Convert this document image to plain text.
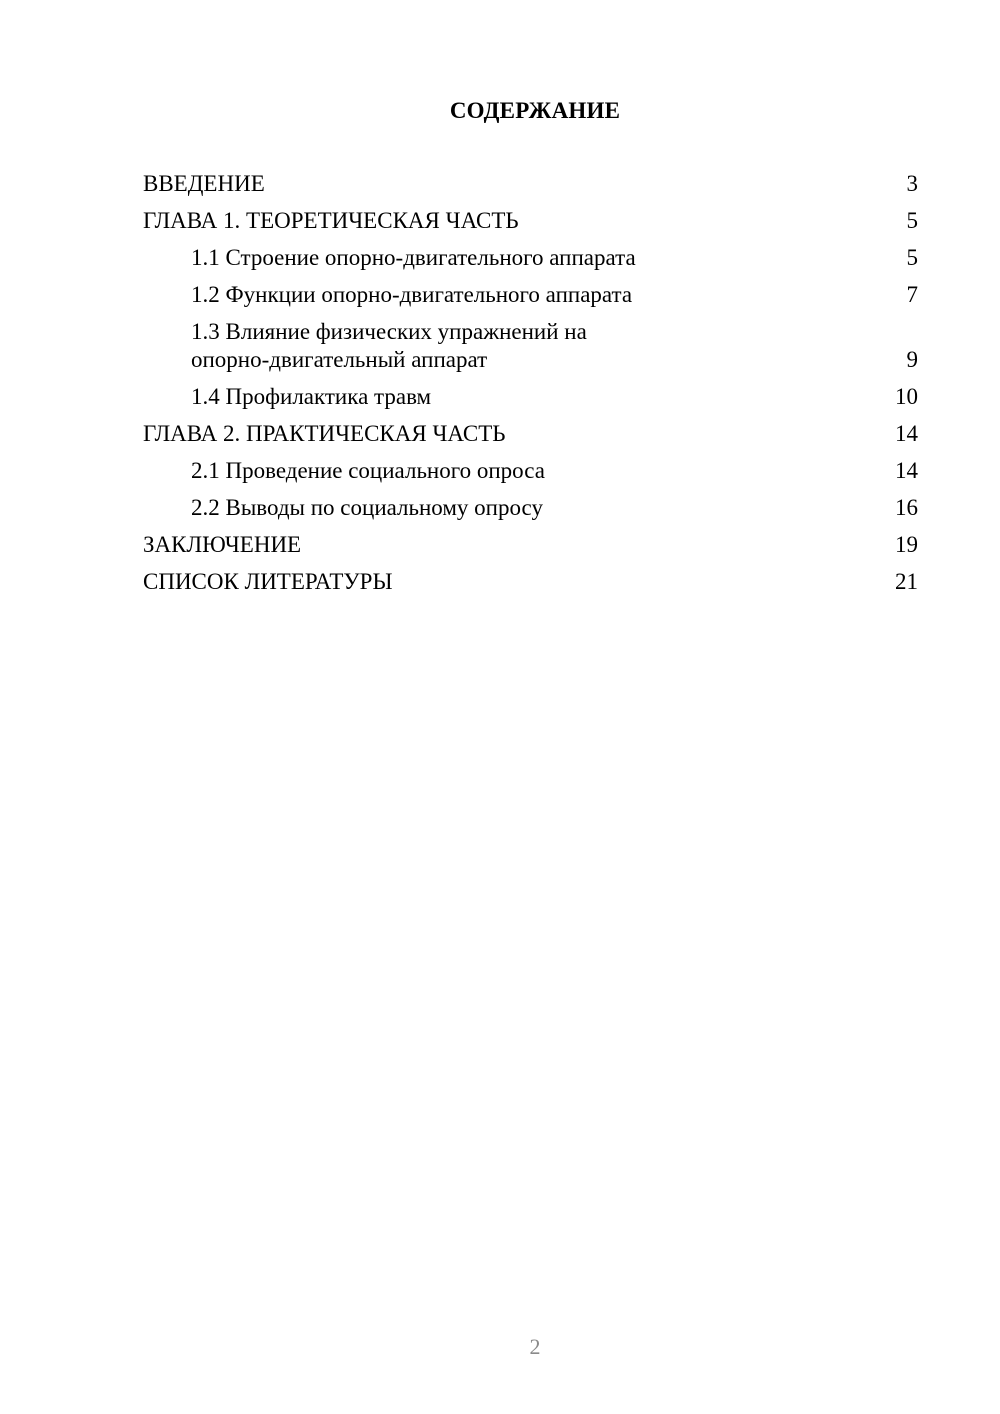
СОДЕРЖАНИЕ
ВВЕДЕНИЕ	3
ГЛАВА 1. ТЕОРЕТИЧЕСКАЯ ЧАСТЬ	5
1.1 Строение опорно-двигательного аппарата	5
1.2 Функции опорно-двигательного аппарата	7
1.3 Влияние физических упражнений на
опорно-двигательный аппарат	9
1.4 Профилактика травм	10
ГЛАВА 2. ПРАКТИЧЕСКАЯ ЧАСТЬ	14
2.1 Проведение социального опроса	14
2.2 Выводы по социальному опросу	16
ЗАКЛЮЧЕНИЕ	19
СПИСОК ЛИТЕРАТУРЫ	21
2
